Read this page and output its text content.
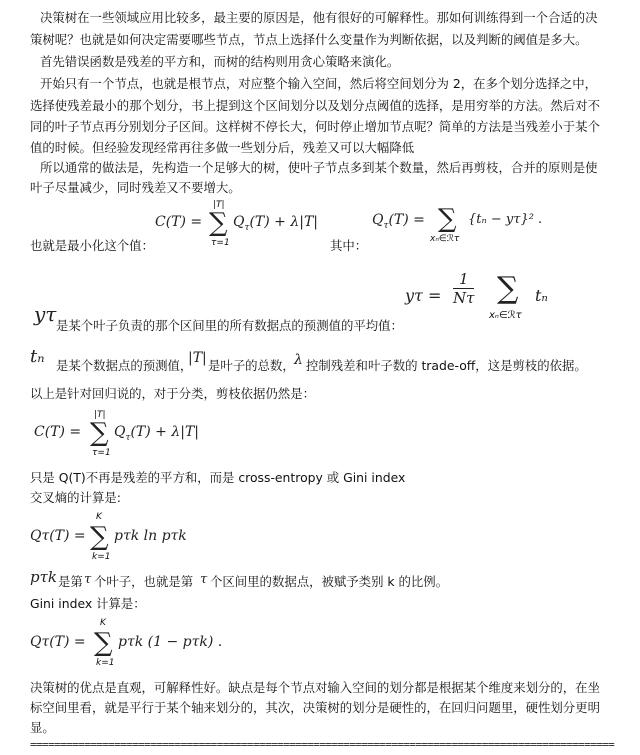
决策树在一些领域应用比较多，最主要的原因是，他有很好的可解释性。那如何训练得到一个合适的决
策树呢？也就是如何决定需要哪些节点，节点上选择什么变量作为判断依据，以及判断的阈值是多大。
首先错误函数是残差的平方和，而树的结构则用贪心策略来演化。
开始只有一个节点，也就是根节点，对应整个输入空间，然后将空间划分为 2，在多个划分选择之中，
选择使残差最小的那个划分，书上提到这个区间划分以及划分点阈值的选择，是用穷举的方法。然后对不
同的叶子节点再分别划分子区间。这样树不停长大，何时停止增加节点呢？简单的方法是当残差小于某个
值的时候。但经验发现经常再往多做一些划分后，残差又可以大幅降低
所以通常的做法是，先构造一个足够大的树，使叶子节点多到某个数量，然后再剪枝，合并的原则是使
叶子尽量减少，同时残差又不要增大。
C(T) =
|T|
∑
τ=1
$Q_\tau(T) + \lambda|T|$	$Q_\tau(T)$ = ∑
xₙ∈ℛτ
{tₙ − yτ}² .
也就是最小化这个值：	其中：
$y\tau = \frac{1}{N\tau}$ ∑
xₙ∈ℛτ
tₙ
yτ 是某个叶子负责的那个区间里的所有数据点的预测值的平均值：
tₙ 是某个数据点的预测值，
|T| 是叶子的总数， λ 控制残差和叶子数的 trade-off，这是剪枝的依据。
以上是针对回归说的，对于分类，剪枝依据仍然是：
C(T) =
|T|
∑
τ=1
$Q_\tau(T) + \lambda|T|$
只是 Q(T)不再是残差的平方和，而是 cross-entropy 或 Gini index
交叉熵的计算是:
Qτ(T) =
K
∑
k=1
pτk ln pτk
pτk 是第 τ 个叶子，也就是第 τ 个区间里的数据点，被赋予类别 k 的比例。
Gini index 计算是：
Qτ(T) =
K
∑
k=1
pτk (1 − pτk) .
决策树的优点是直观，可解释性好。缺点是每个节点对输入空间的划分都是根据某个维度来划分的，在坐
标空间里看，就是平行于某个轴来划分的，其次，决策树的划分是硬性的，在回归问题里，硬性划分更明
显。
=================================================================================================
